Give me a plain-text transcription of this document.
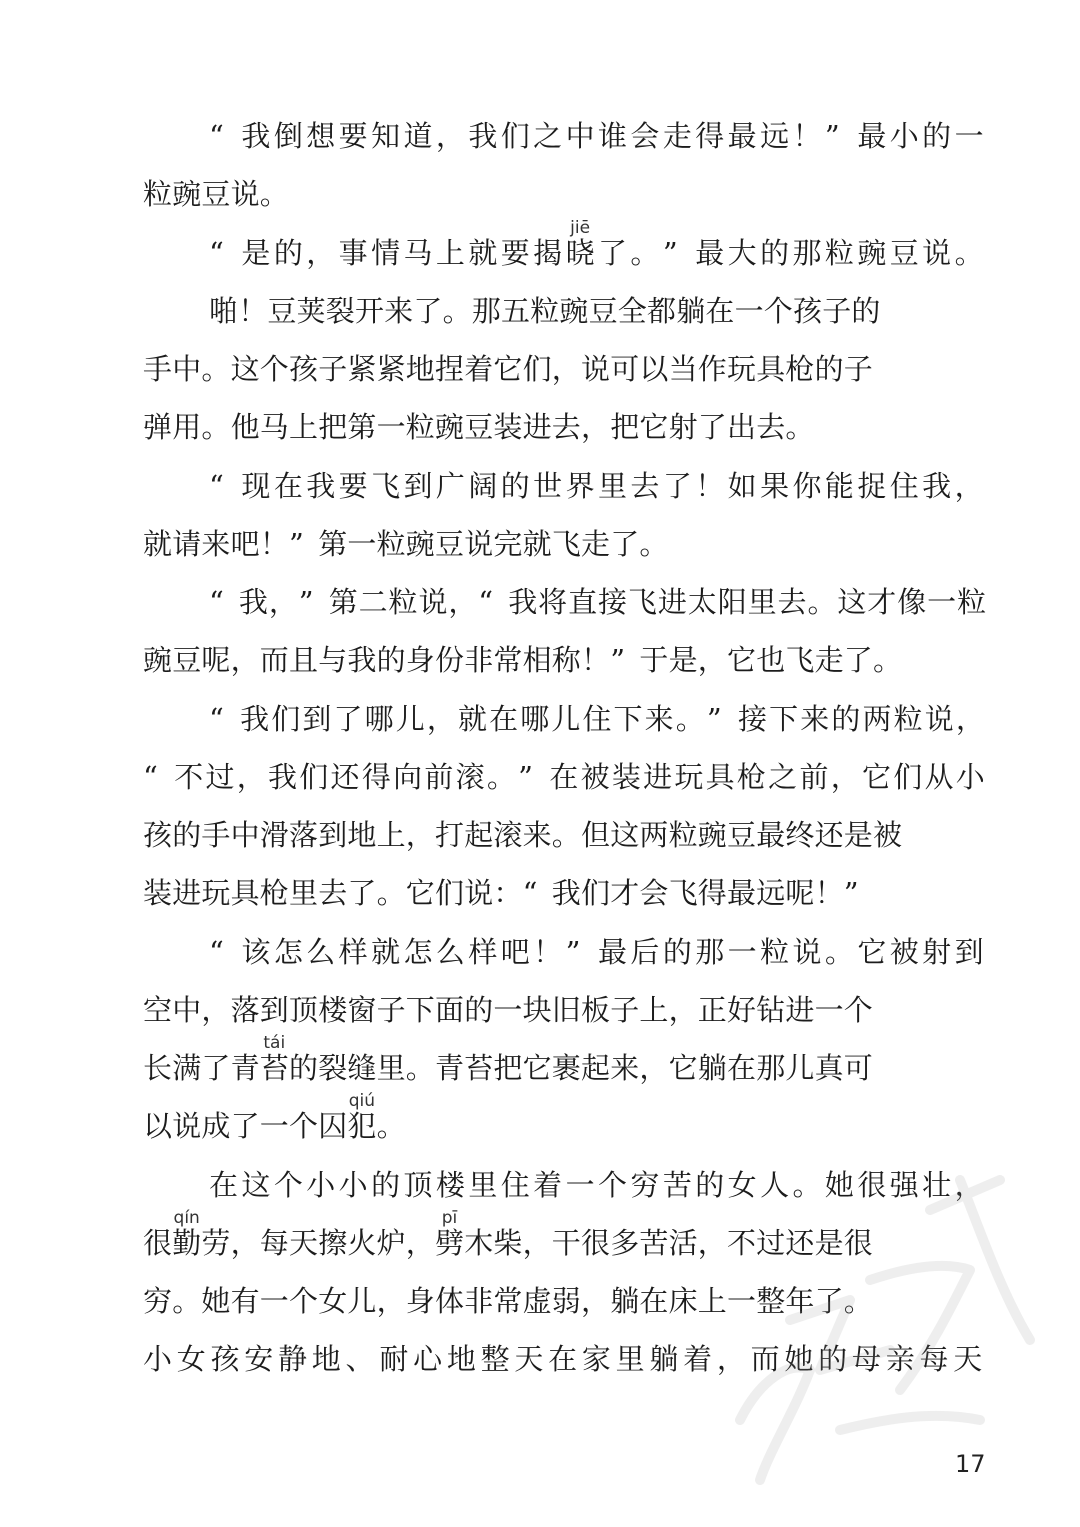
“ 我 倒 想 要 知 道 ， 我 们 之 中 谁 会 走 得 最 远 ！ ” 最 小 的 一
粒 豌 豆 说 。
“ 是 的 ， 事 情 马 上 就 要 揭 晓 了 。 ” 最 大 的 那 粒 豌 豆 说 。
啪 ！ 豆 荚 裂 开 来 了 。 那 五 粒 豌 豆 全 都 躺 在 一 个 孩 子 的
手 中 。 这 个 孩 子 紧 紧 地 捏 着 它 们 ， 说 可 以 当 作 玩 具 枪 的 子
弹 用 。 他 马 上 把 第 一 粒 豌 豆 装 进 去 ， 把 它 射 了 出 去 。
“ 现 在 我 要 飞 到 广 阔 的 世 界 里 去 了 ！ 如 果 你 能 捉 住 我 ，
就 请 来 吧 ！ ” 第 一 粒 豌 豆 说 完 就 飞 走 了 。
“ 我 ， ” 第 二 粒 说 ， “ 我 将 直 接 飞 进 太 阳 里 去 。 这 才 像 一 粒
豌 豆 呢 ， 而 且 与 我 的 身 份 非 常 相 称 ！ ” 于 是 ， 它 也 飞 走 了 。
“ 我 们 到 了 哪 儿 ， 就 在 哪 儿 住 下 来 。 ” 接 下 来 的 两 粒 说 ，
“ 不 过 ， 我 们 还 得 向 前 滚 。 ” 在 被 装 进 玩 具 枪 之 前 ， 它 们 从 小
孩 的 手 中 滑 落 到 地 上 ， 打 起 滚 来 。 但 这 两 粒 豌 豆 最 终 还 是 被
装 进 玩 具 枪 里 去 了 。 它 们 说 ： “ 我 们 才 会 飞 得 最 远 呢 ！ ”
“ 该 怎 么 样 就 怎 么 样 吧 ！ ” 最 后 的 那 一 粒 说 。 它 被 射 到
空 中 ， 落 到 顶 楼 窗 子 下 面 的 一 块 旧 板 子 上 ， 正 好 钻 进 一 个
长 满 了 青 苔 的 裂 缝 里 。 青 苔 把 它 裹 起 来 ， 它 躺 在 那 儿 真 可
以 说 成 了 一 个 囚 犯 。
在 这 个 小 小 的 顶 楼 里 住 着 一 个 穷 苦 的 女 人 。 她 很 强 壮 ，
很 勤 劳 ， 每 天 擦 火 炉 ， 劈 木 柴 ， 干 很 多 苦 活 ， 不 过 还 是 很
穷 。 她 有 一 个 女 儿 ， 身 体 非 常 虚 弱 ， 躺 在 床 上 一 整 年 了 。
小 女 孩 安 静 地 、 耐 心 地 整 天 在 家 里 躺 着 ， 而 她 的 母 亲 每 天
jiē
tái
qiú
qín	pī
17
